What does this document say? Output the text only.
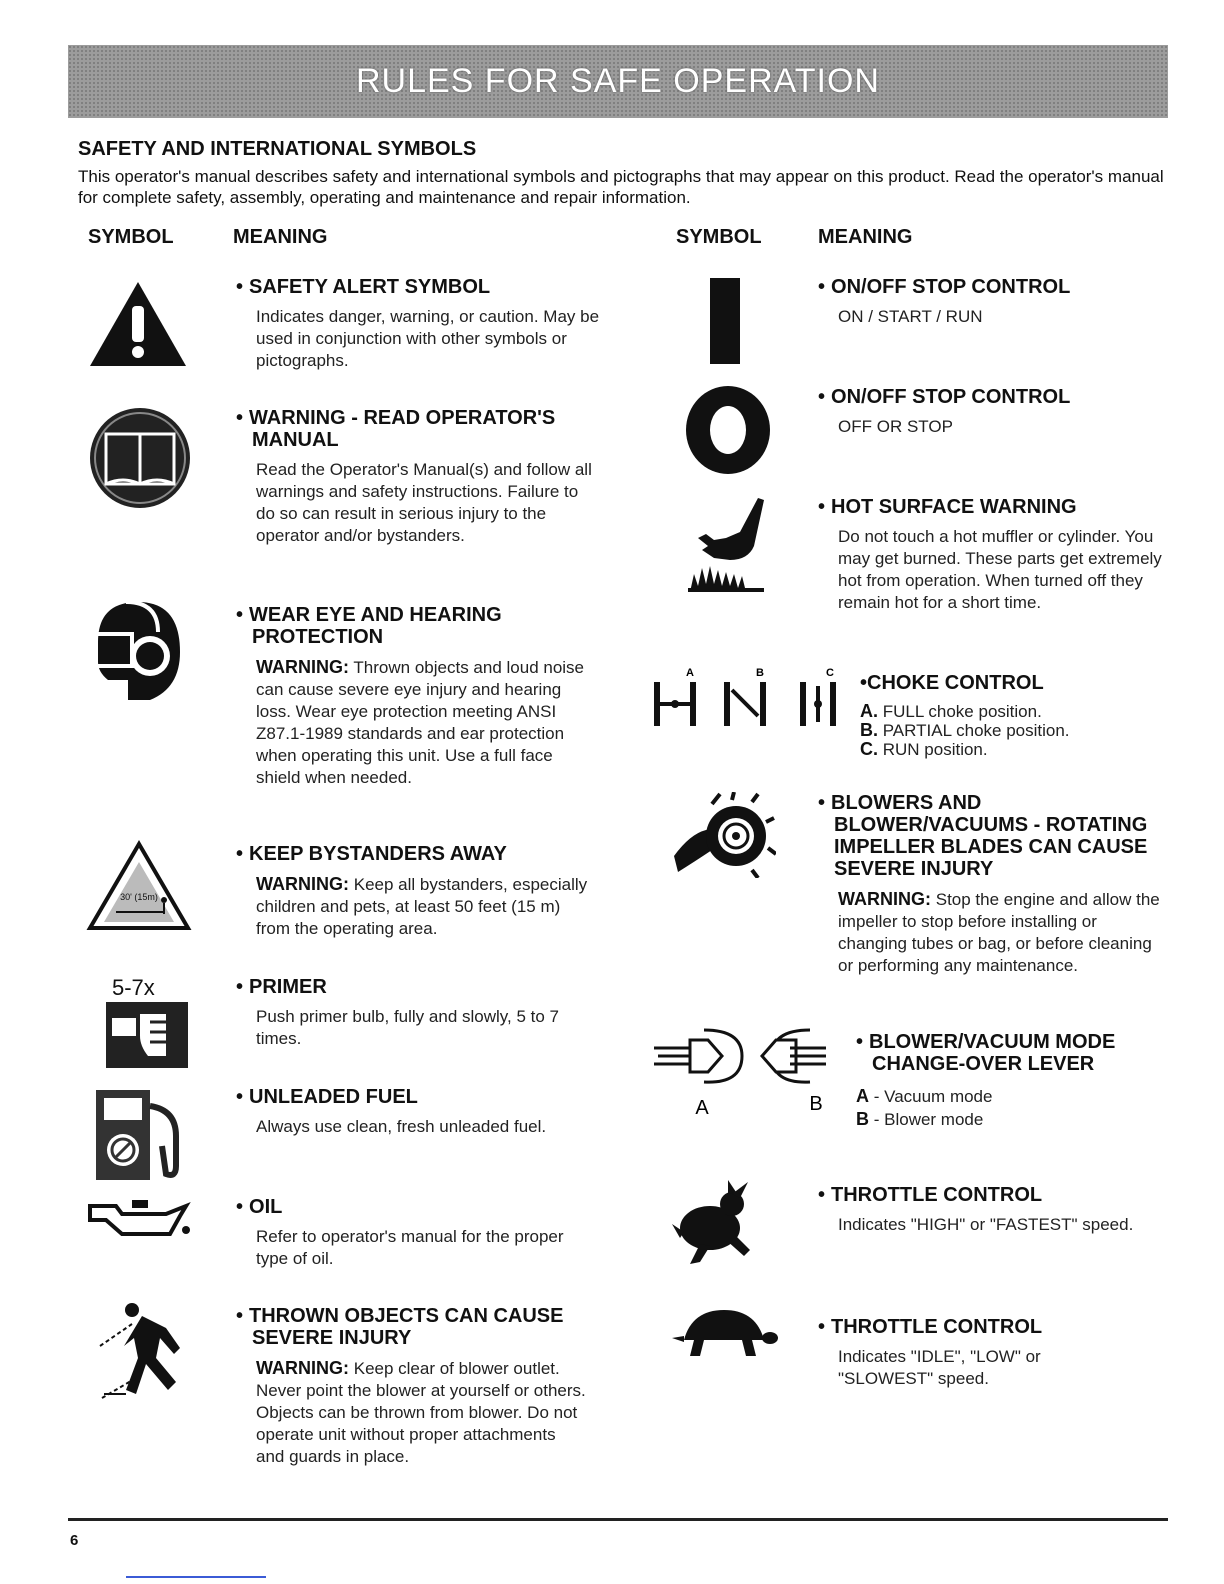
RULES FOR SAFE OPERATION
SAFETY AND INTERNATIONAL SYMBOLS
This operator's manual describes safety and international symbols and pictographs that may appear on this product. Read the operator's manual for complete safety, assembly, operating and maintenance and repair information.
SYMBOL	MEANING	SYMBOL	MEANING
30' (15m)
5-7x
• SAFETY ALERT SYMBOL

Indicates danger, warning, or caution. May be used in conjunction with other symbols or pictographs.

• WARNING - READ OPERATOR'S MANUAL

Read the Operator's Manual(s) and follow all warnings and safety instructions. Failure to do so can result in serious injury to the operator and/or bystanders.

• WEAR EYE AND HEARING PROTECTION

WARNING: Thrown objects and loud noise can cause severe eye injury and hearing loss. Wear eye protection meeting ANSI Z87.1-1989 standards and ear protection when operating this unit. Use a full face shield when needed.

• KEEP BYSTANDERS AWAY

WARNING: Keep all bystanders, especially children and pets, at least 50 feet (15 m) from the operating area.

• PRIMER

Push primer bulb, fully and slowly, 5 to 7 times.

• UNLEADED FUEL

Always use clean, fresh unleaded fuel.

• OIL

Refer to operator's manual for the proper type of oil.

• THROWN OBJECTS CAN CAUSE SEVERE INJURY

WARNING: Keep clear of blower outlet. Never point the blower at yourself or others. Objects can be thrown from blower. Do not operate unit without proper attachments and guards in place.

A	B	C
A	B
• ON/OFF STOP CONTROL

ON / START / RUN

• ON/OFF STOP CONTROL

OFF OR STOP

• HOT SURFACE WARNING

Do not touch a hot muffler or cylinder. You may get burned. These parts get extremely hot from operation. When turned off they remain hot for a short time.

•CHOKE CONTROL

A. FULL choke position.

B. PARTIAL choke position.

C. RUN position.

• BLOWERS AND BLOWER/VACUUMS - ROTATING IMPELLER BLADES CAN CAUSE SEVERE INJURY

WARNING: Stop the engine and allow the impeller to stop before installing or changing tubes or bag, or before cleaning or performing any maintenance.

• BLOWER/VACUUM MODE CHANGE-OVER LEVER

A - Vacuum mode

B - Blower mode

• THROTTLE CONTROL

Indicates "HIGH" or "FASTEST" speed.

• THROTTLE CONTROL

Indicates "IDLE", "LOW" or "SLOWEST" speed.

6
